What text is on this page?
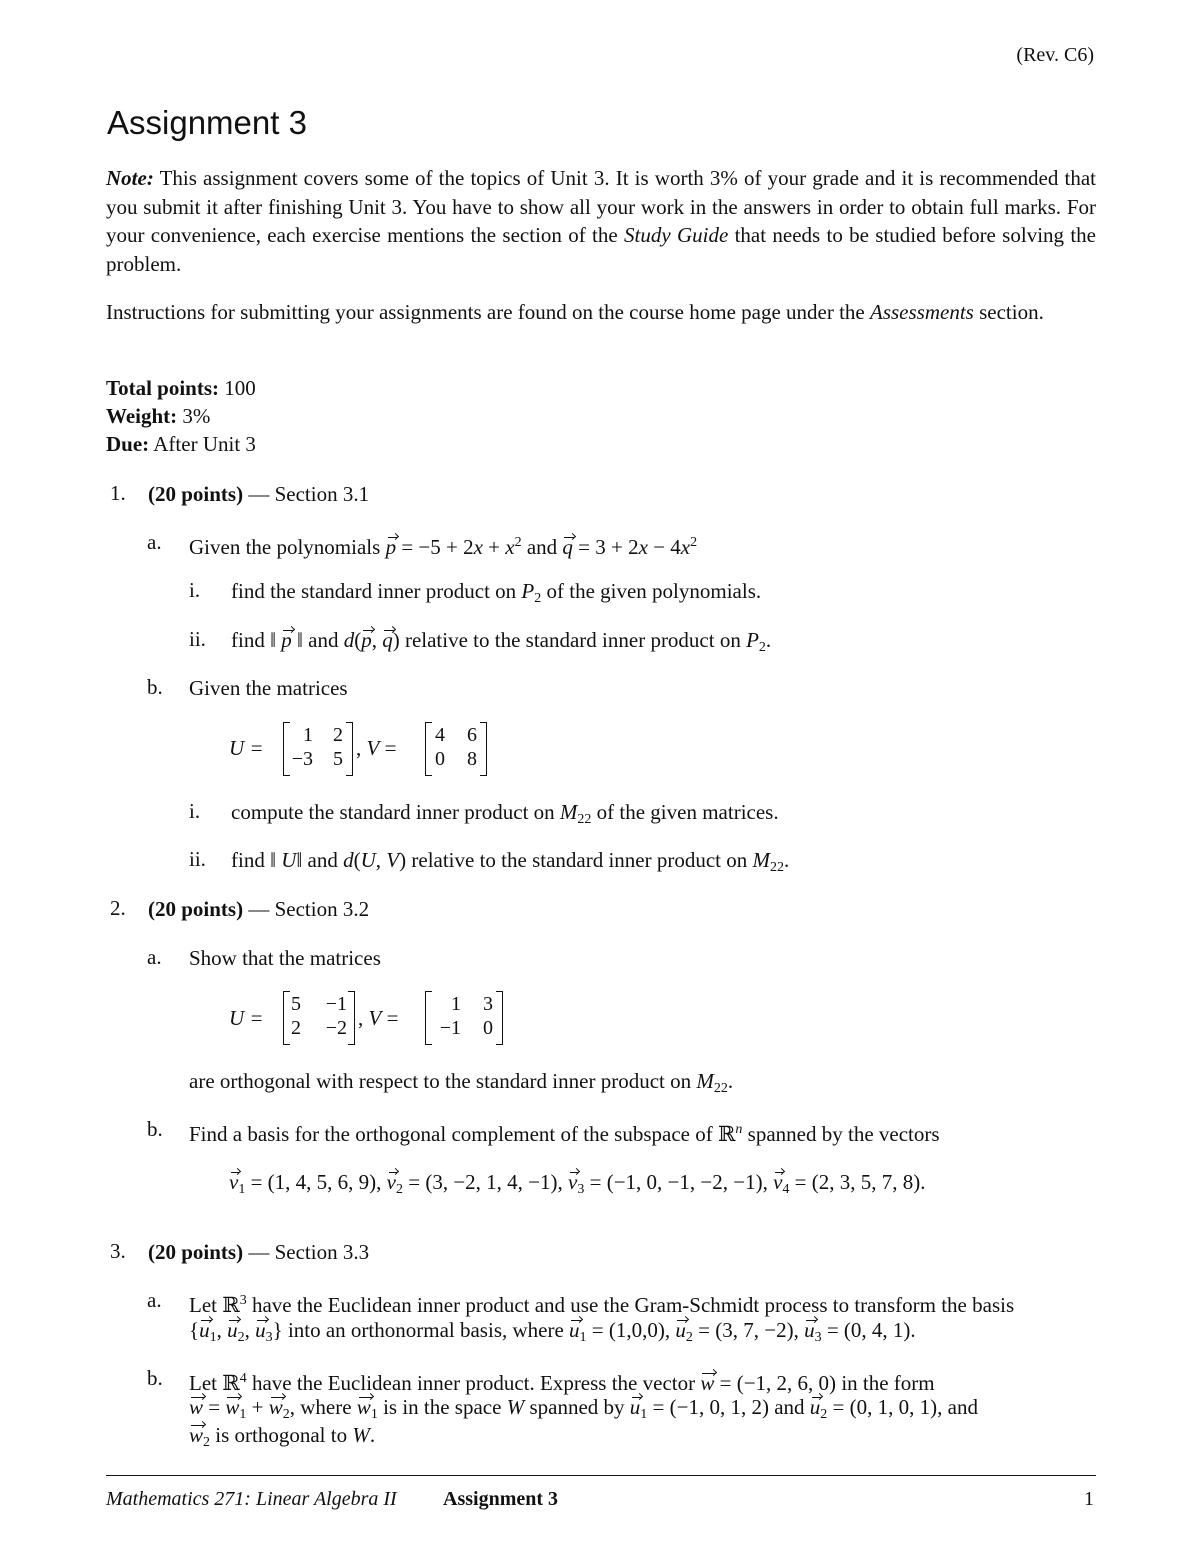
(Rev. C6)
Assignment 3
Note: This assignment covers some of the topics of Unit 3. It is worth 3% of your grade and it is recommended that you submit it after finishing Unit 3. You have to show all your work in the answers in order to obtain full marks. For your convenience, each exercise mentions the section of the Study Guide that needs to be studied before solving the problem.
Instructions for submitting your assignments are found on the course home page under the Assessments section.
Total points: 100
Weight: 3%
Due: After Unit 3
1. (20 points) — Section 3.1
a. Given the polynomials $p = -5 + 2x + x^2$ and $q = 3 + 2x - 4x^2$
i. find the standard inner product on $P_2$ of the given polynomials.
ii. find ‖ p ‖ and d(p, q) relative to the standard inner product on $P_2$.
b. Given the matrices
U =
1	2
−3	5 , V =
4	6
0	8
i. compute the standard inner product on $M_{22}$ of the given matrices.
ii. find ‖ U‖ and d(U, V) relative to the standard inner product on $M_{22}$.
2. (20 points) — Section 3.2
a. Show that the matrices
U =
5	−1
2	−2 , V =
1	3
−1	0
are orthogonal with respect to the standard inner product on $M_{22}$.
b. Find a basis for the orthogonal complement of the subspace of ℝ$^n$ spanned by the vectors
$v_1 = (1$, 4, 5, 6, 9), $v_2 = (3$, −2, 1, 4, −1), $v_3 = (-1$, 0, −1, −2, −1), $v_4 = (2$, 3, 5, 7, 8).
3. (20 points) — Section 3.3
a. Let ℝ$^3$ have the Euclidean inner product and use the Gram-Schmidt process to transform the basis
{$u_1$, $u_2$, $u_3$} into an orthonormal basis, where $u_1 = (1,0,0)$, $u_2 = (3$, 7, −2), $u_3 = (0$, 4, 1).
b. Let ℝ$^4$ have the Euclidean inner product. Express the vector w = (−1, 2, 6, 0) in the form
$w = w_1 + w_2$, where $w_1$ is in the space W spanned by $u_1 = (-1$, 0, 1, 2) and $u_2 = (0$, 1, 0, 1), and
$w_2$ is orthogonal to W.
Mathematics 271: Linear Algebra II Assignment 3	1
